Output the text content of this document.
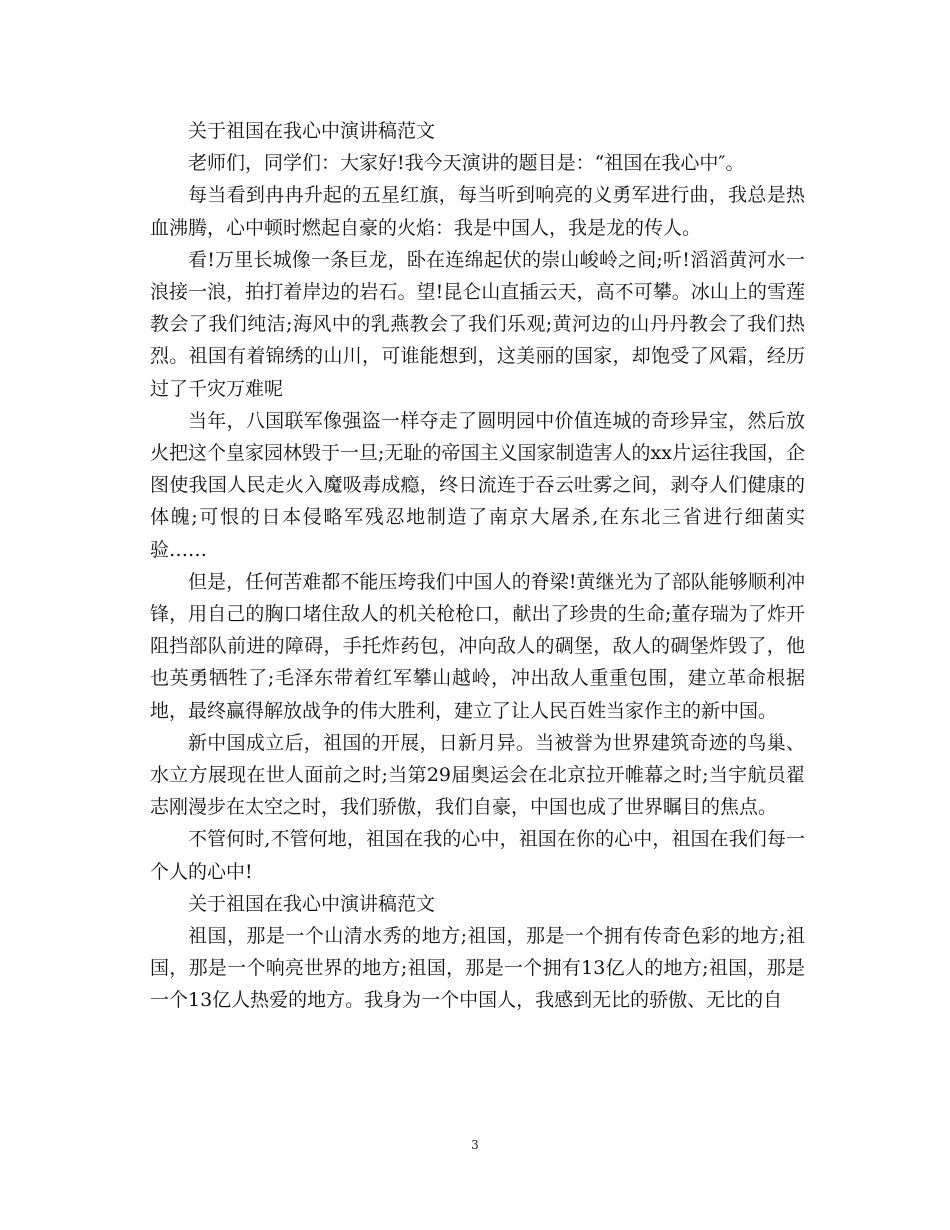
关于祖国在我心中演讲稿范文

老师们，同学们：大家好!我今天演讲的题目是：“祖国在我心中″。

每当看到冉冉升起的五星红旗，每当听到响亮的义勇军进行曲，我总是热血沸腾，心中顿时燃起自豪的火焰：我是中国人，我是龙的传人。

看!万里长城像一条巨龙，卧在连绵起伏的崇山峻岭之间;听!滔滔黄河水一浪接一浪，拍打着岸边的岩石。望!昆仑山直插云天，高不可攀。冰山上的雪莲教会了我们纯洁;海风中的乳燕教会了我们乐观;黄河边的山丹丹教会了我们热烈。祖国有着锦绣的山川，可谁能想到，这美丽的国家，却饱受了风霜，经历过了千灾万难呢

当年，八国联军像强盗一样夺走了圆明园中价值连城的奇珍异宝，然后放火把这个皇家园林毁于一旦;无耻的帝国主义国家制造害人的xx片运往我国，企图使我国人民走火入魔吸毒成瘾，终日流连于吞云吐雾之间，剥夺人们健康的体魄;可恨的日本侵略军残忍地制造了南京大屠杀,在东北三省进行细菌实验……

但是，任何苦难都不能压垮我们中国人的脊梁!黄继光为了部队能够顺利冲锋，用自己的胸口堵住敌人的机关枪枪口，献出了珍贵的生命;董存瑞为了炸开阻挡部队前进的障碍，手托炸药包，冲向敌人的碉堡，敌人的碉堡炸毁了，他也英勇牺牲了;毛泽东带着红军攀山越岭，冲出敌人重重包围，建立革命根据地，最终赢得解放战争的伟大胜利，建立了让人民百姓当家作主的新中国。

新中国成立后，祖国的开展，日新月异。当被誉为世界建筑奇迹的鸟巢、水立方展现在世人面前之时;当第29届奥运会在北京拉开帷幕之时;当宇航员翟志刚漫步在太空之时，我们骄傲，我们自豪，中国也成了世界瞩目的焦点。

不管何时,不管何地，祖国在我的心中，祖国在你的心中，祖国在我们每一个人的心中!

关于祖国在我心中演讲稿范文

祖国，那是一个山清水秀的地方;祖国，那是一个拥有传奇色彩的地方;祖国，那是一个响亮世界的地方;祖国，那是一个拥有13亿人的地方;祖国，那是一个13亿人热爱的地方。我身为一个中国人，我感到无比的骄傲、无比的自

3
